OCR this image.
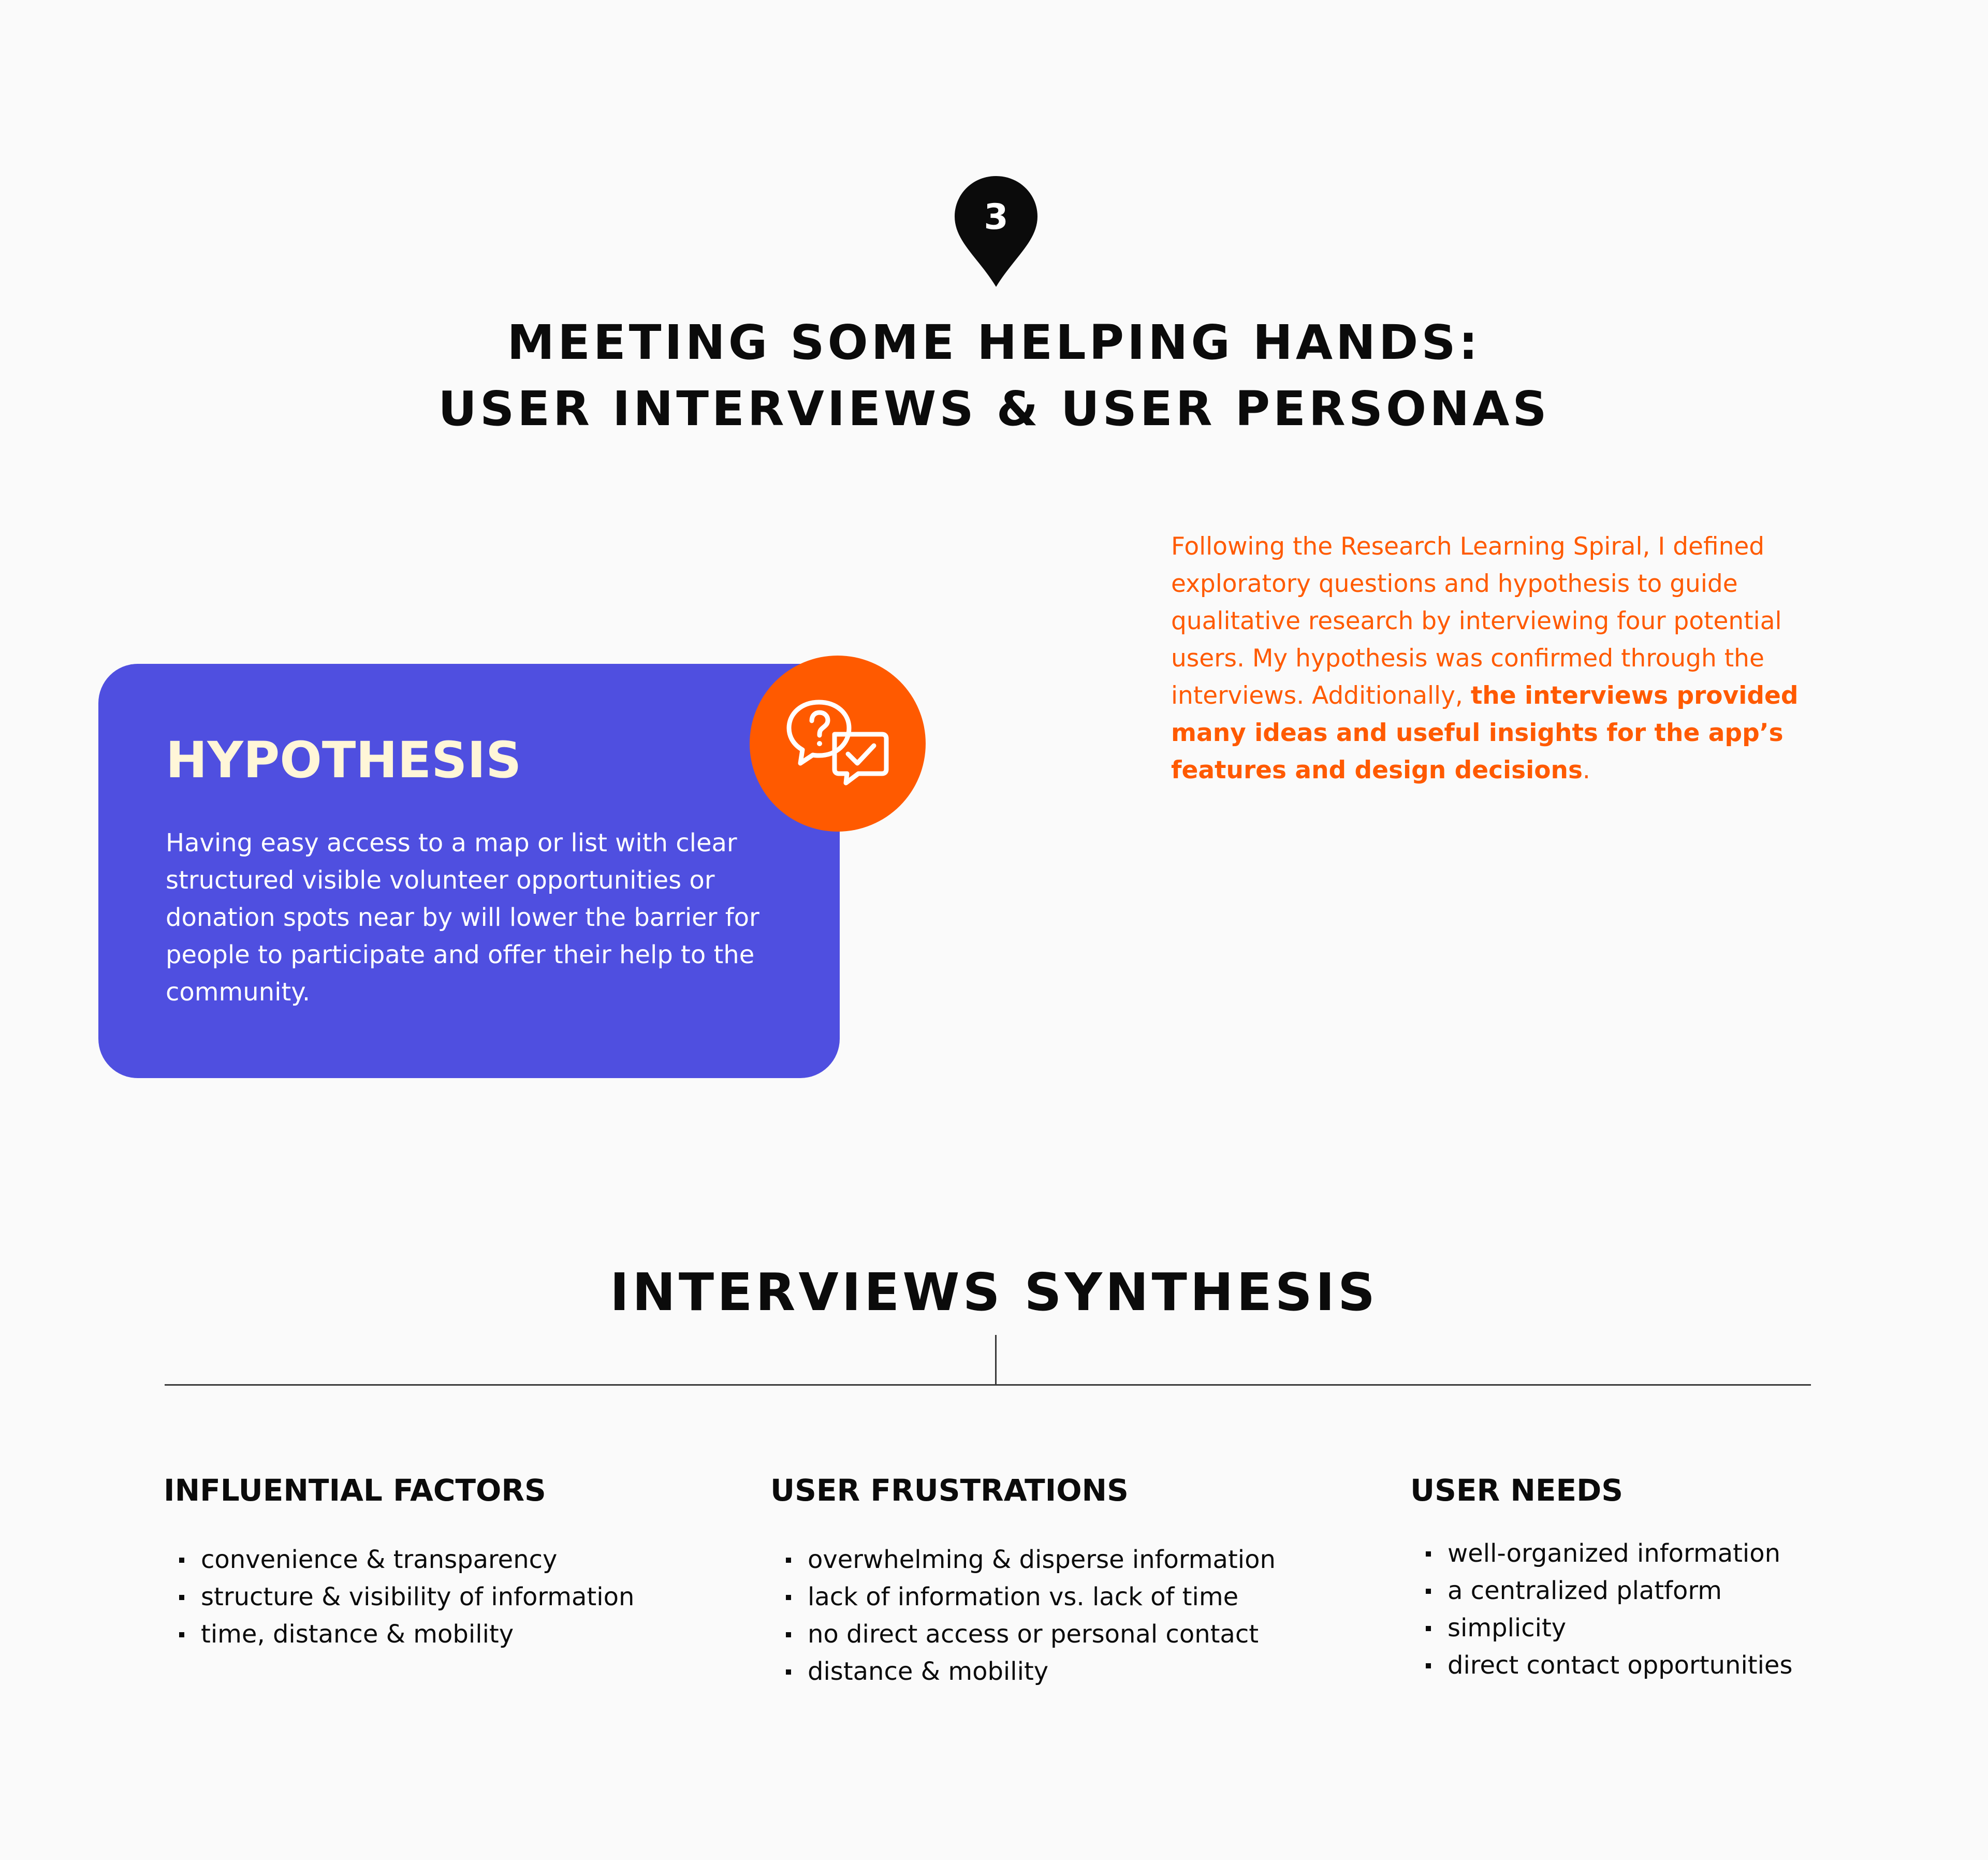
3
MEETING SOME HELPING HANDS:
USER INTERVIEWS & USER PERSONAS
HYPOTHESIS
Having easy access to a map or list with clear structured visible volunteer opportunities or donation spots near by will lower the barrier for people to participate and offer their help to the community.

Following the Research Learning Spiral, I defined exploratory questions and hypothesis to guide qualitative research by interviewing four potential users. My hypothesis was confirmed through the interviews. Additionally, the interviews provided many ideas and useful insights for the app’s features and design decisions.

INTERVIEWS SYNTHESIS
INFLUENTIAL FACTORS
convenience & transparency
structure & visibility of information
time, distance & mobility
USER FRUSTRATIONS
overwhelming & disperse information
lack of information vs. lack of time
no direct access or personal contact
distance & mobility
USER NEEDS
well-organized information
a centralized platform
simplicity
direct contact opportunities
